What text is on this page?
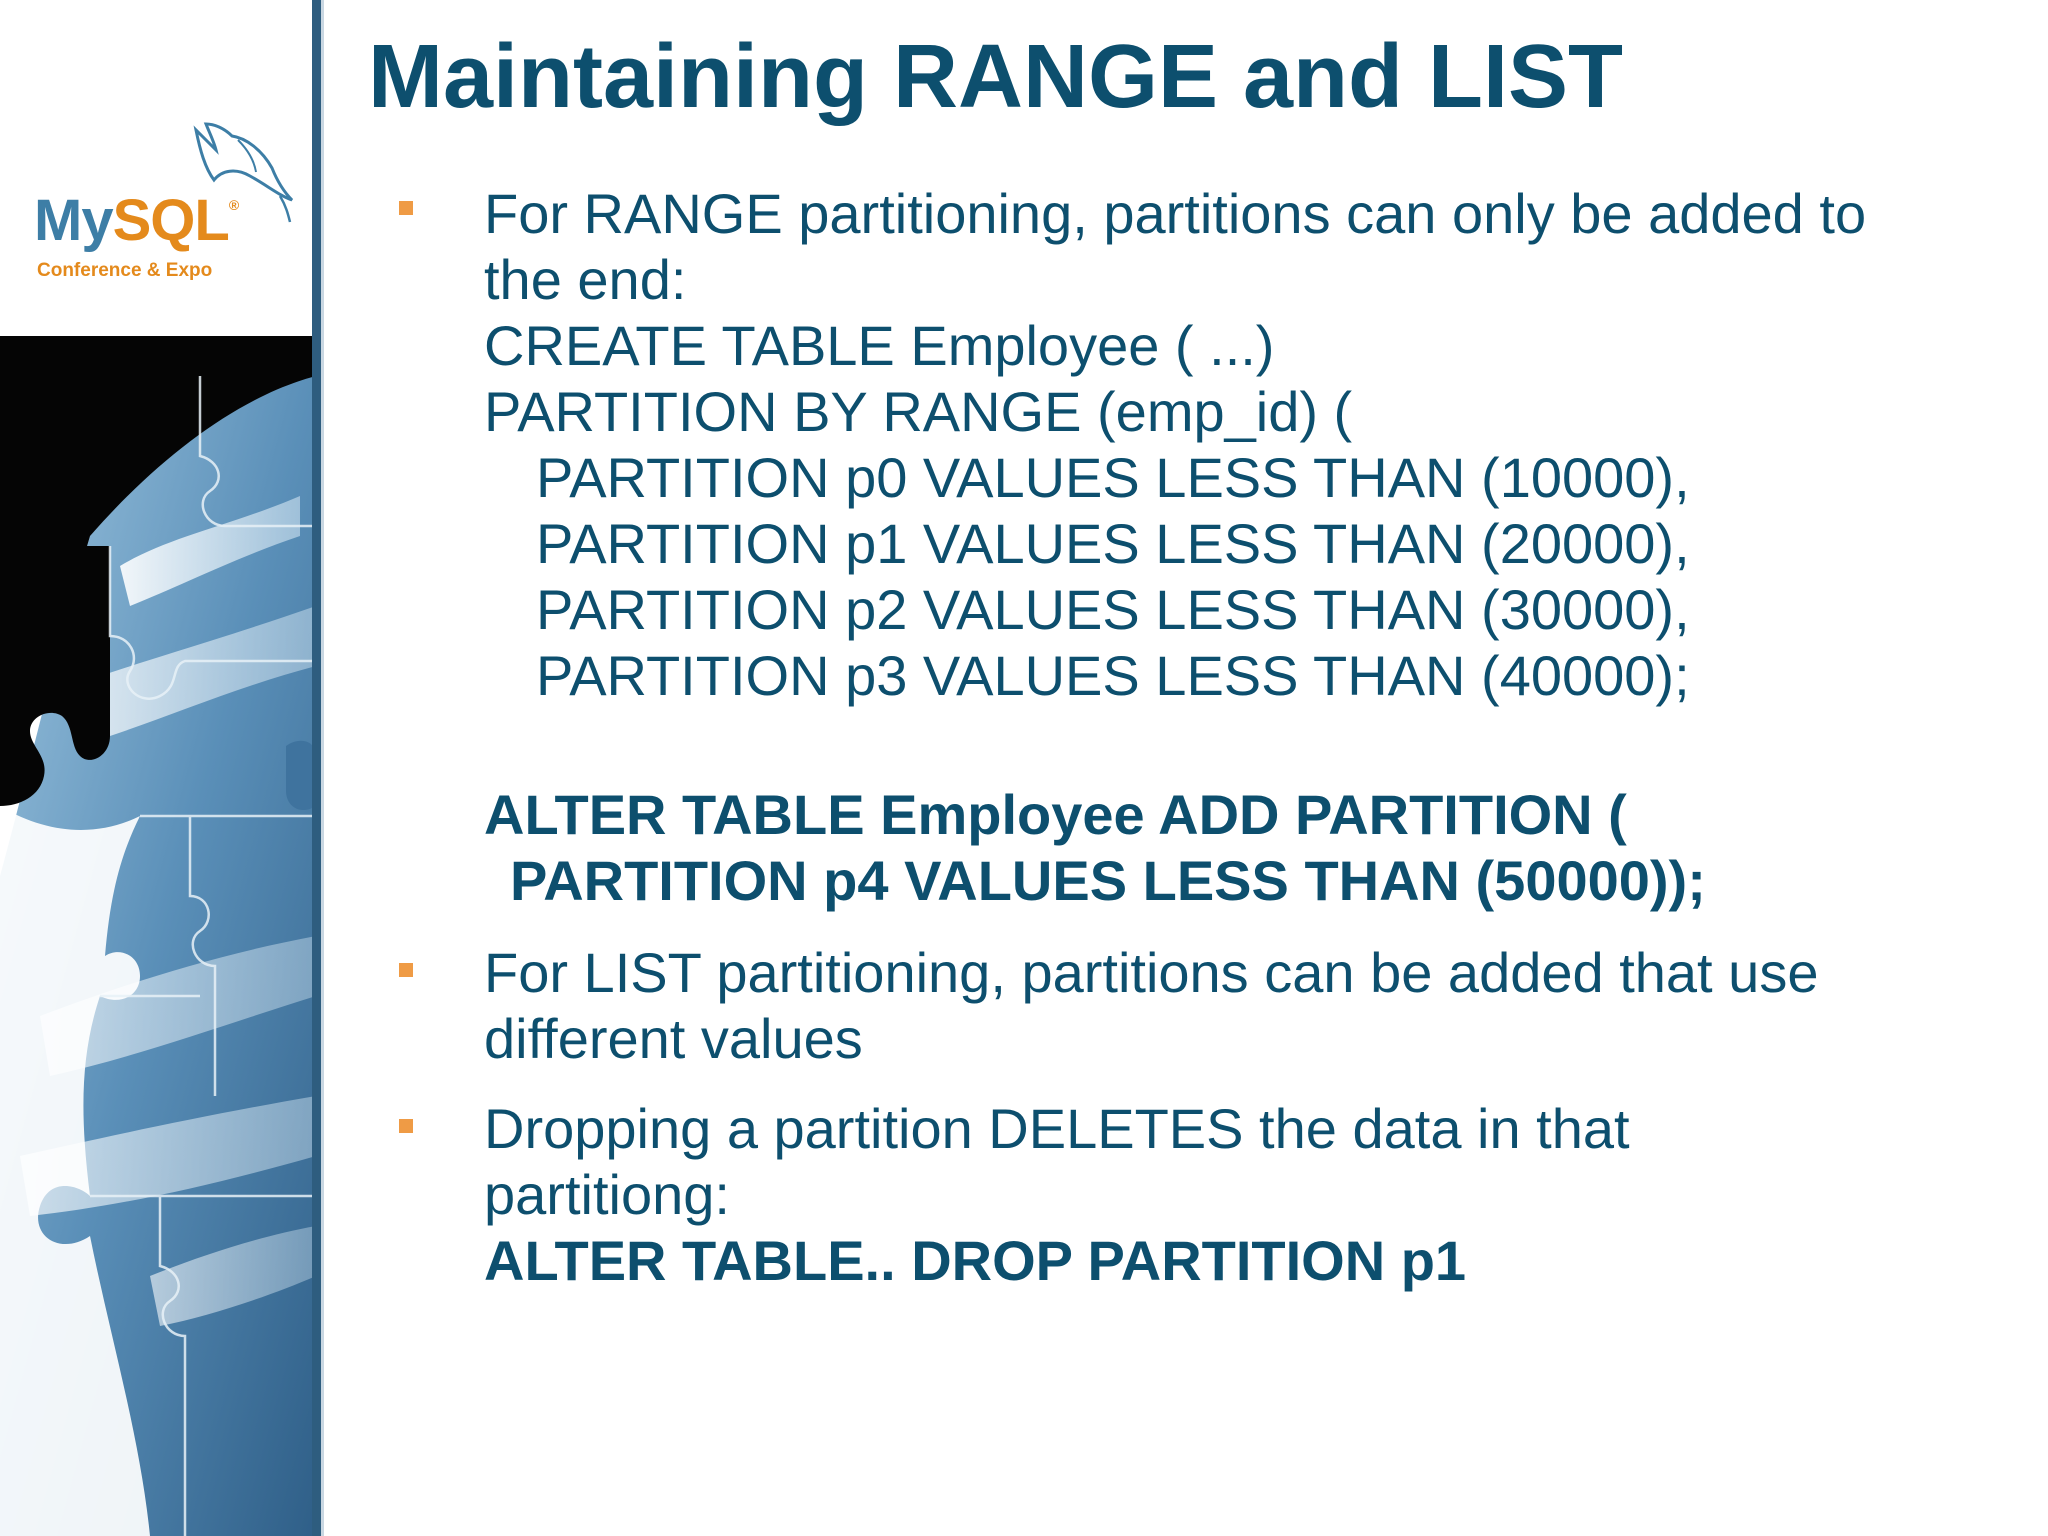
MySQL®
Conference & Expo
Maintaining RANGE and LIST
For RANGE partitioning, partitions can only be added to
the end:
CREATE TABLE Employee ( ...)
PARTITION BY RANGE (emp_id) (
PARTITION p0 VALUES LESS THAN (10000),
PARTITION p1 VALUES LESS THAN (20000),
PARTITION p2 VALUES LESS THAN (30000),
PARTITION p3 VALUES LESS THAN (40000);
ALTER TABLE Employee ADD PARTITION (
PARTITION p4 VALUES LESS THAN (50000));
For LIST partitioning, partitions can be added that use
different values
Dropping a partition DELETES the data in that
partitiong:
ALTER TABLE.. DROP PARTITION p1
